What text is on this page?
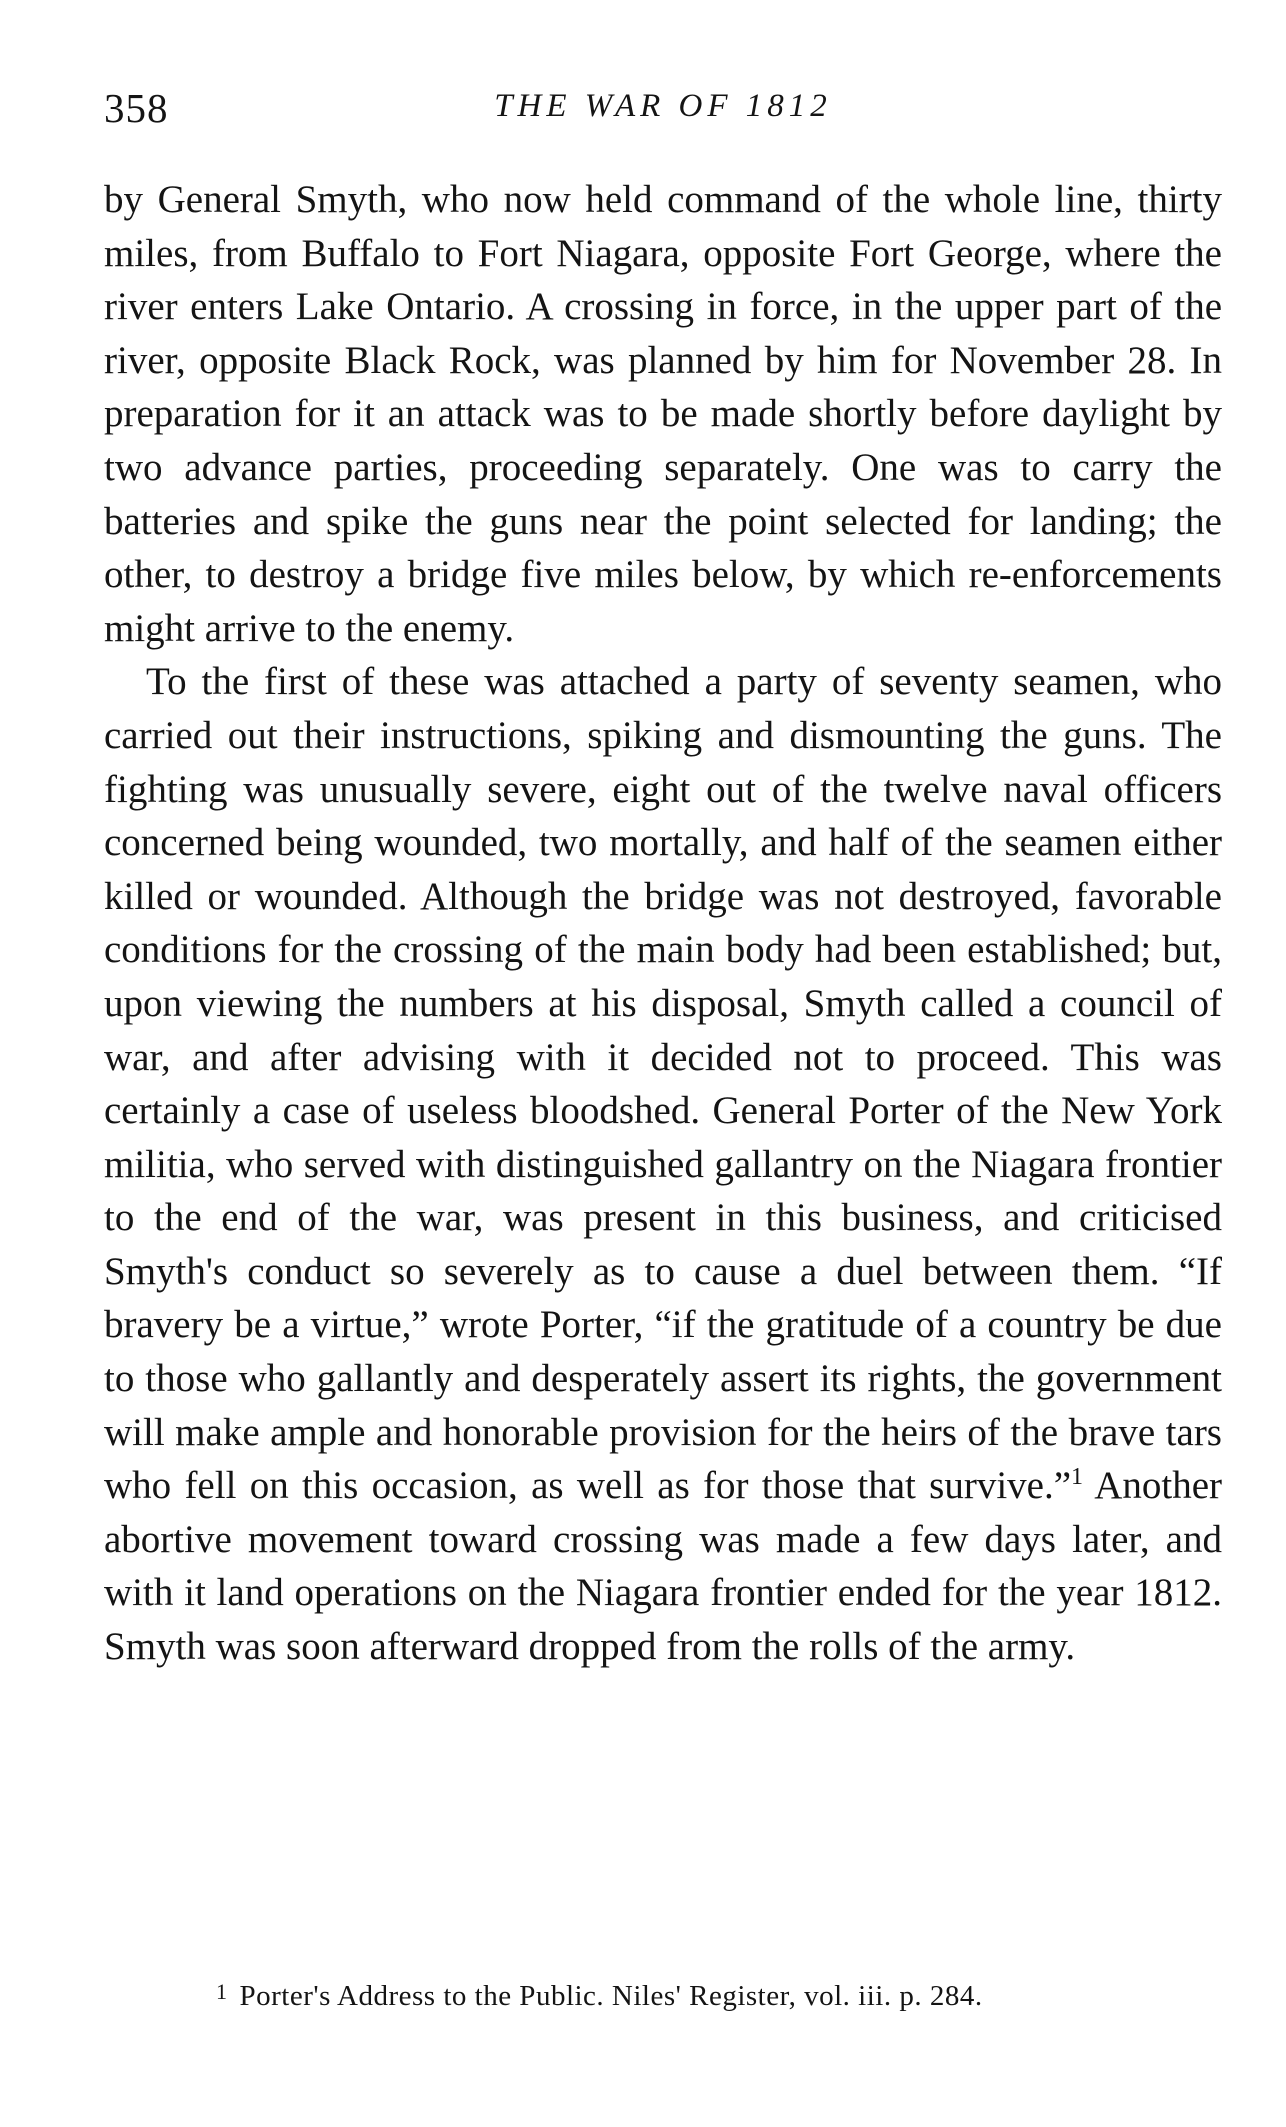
358	THE WAR OF 1812

by General Smyth, who now held command of the whole line, thirty miles, from Buffalo to Fort Niagara, opposite Fort George, where the river enters Lake Ontario. A crossing in force, in the upper part of the river, opposite Black Rock, was planned by him for November 28. In preparation for it an attack was to be made shortly before daylight by two advance parties, proceeding separately. One was to carry the batteries and spike the guns near the point selected for landing; the other, to destroy a bridge five miles below, by which re-enforcements might arrive to the enemy.

To the first of these was attached a party of seventy seamen, who carried out their instructions, spiking and dismounting the guns. The fighting was unusually severe, eight out of the twelve naval officers concerned being wounded, two mortally, and half of the seamen either killed or wounded. Although the bridge was not destroyed, favorable conditions for the crossing of the main body had been established; but, upon viewing the numbers at his disposal, Smyth called a council of war, and after advising with it decided not to proceed. This was certainly a case of useless bloodshed. General Porter of the New York militia, who served with distinguished gallantry on the Niagara frontier to the end of the war, was present in this business, and criticised Smyth's conduct so severely as to cause a duel between them. “If bravery be a virtue,” wrote Porter, “if the gratitude of a country be due to those who gallantly and desperately assert its rights, the government will make ample and honorable provision for the heirs of the brave tars who fell on this occasion, as well as for those that survive.”$^1$ Another abortive movement toward crossing was made a few days later, and with it land operations on the Niagara frontier ended for the year 1812. Smyth was soon afterward dropped from the rolls of the army.

$^1$ Porter's Address to the Public. Niles' Register, vol. iii. p. 284.
